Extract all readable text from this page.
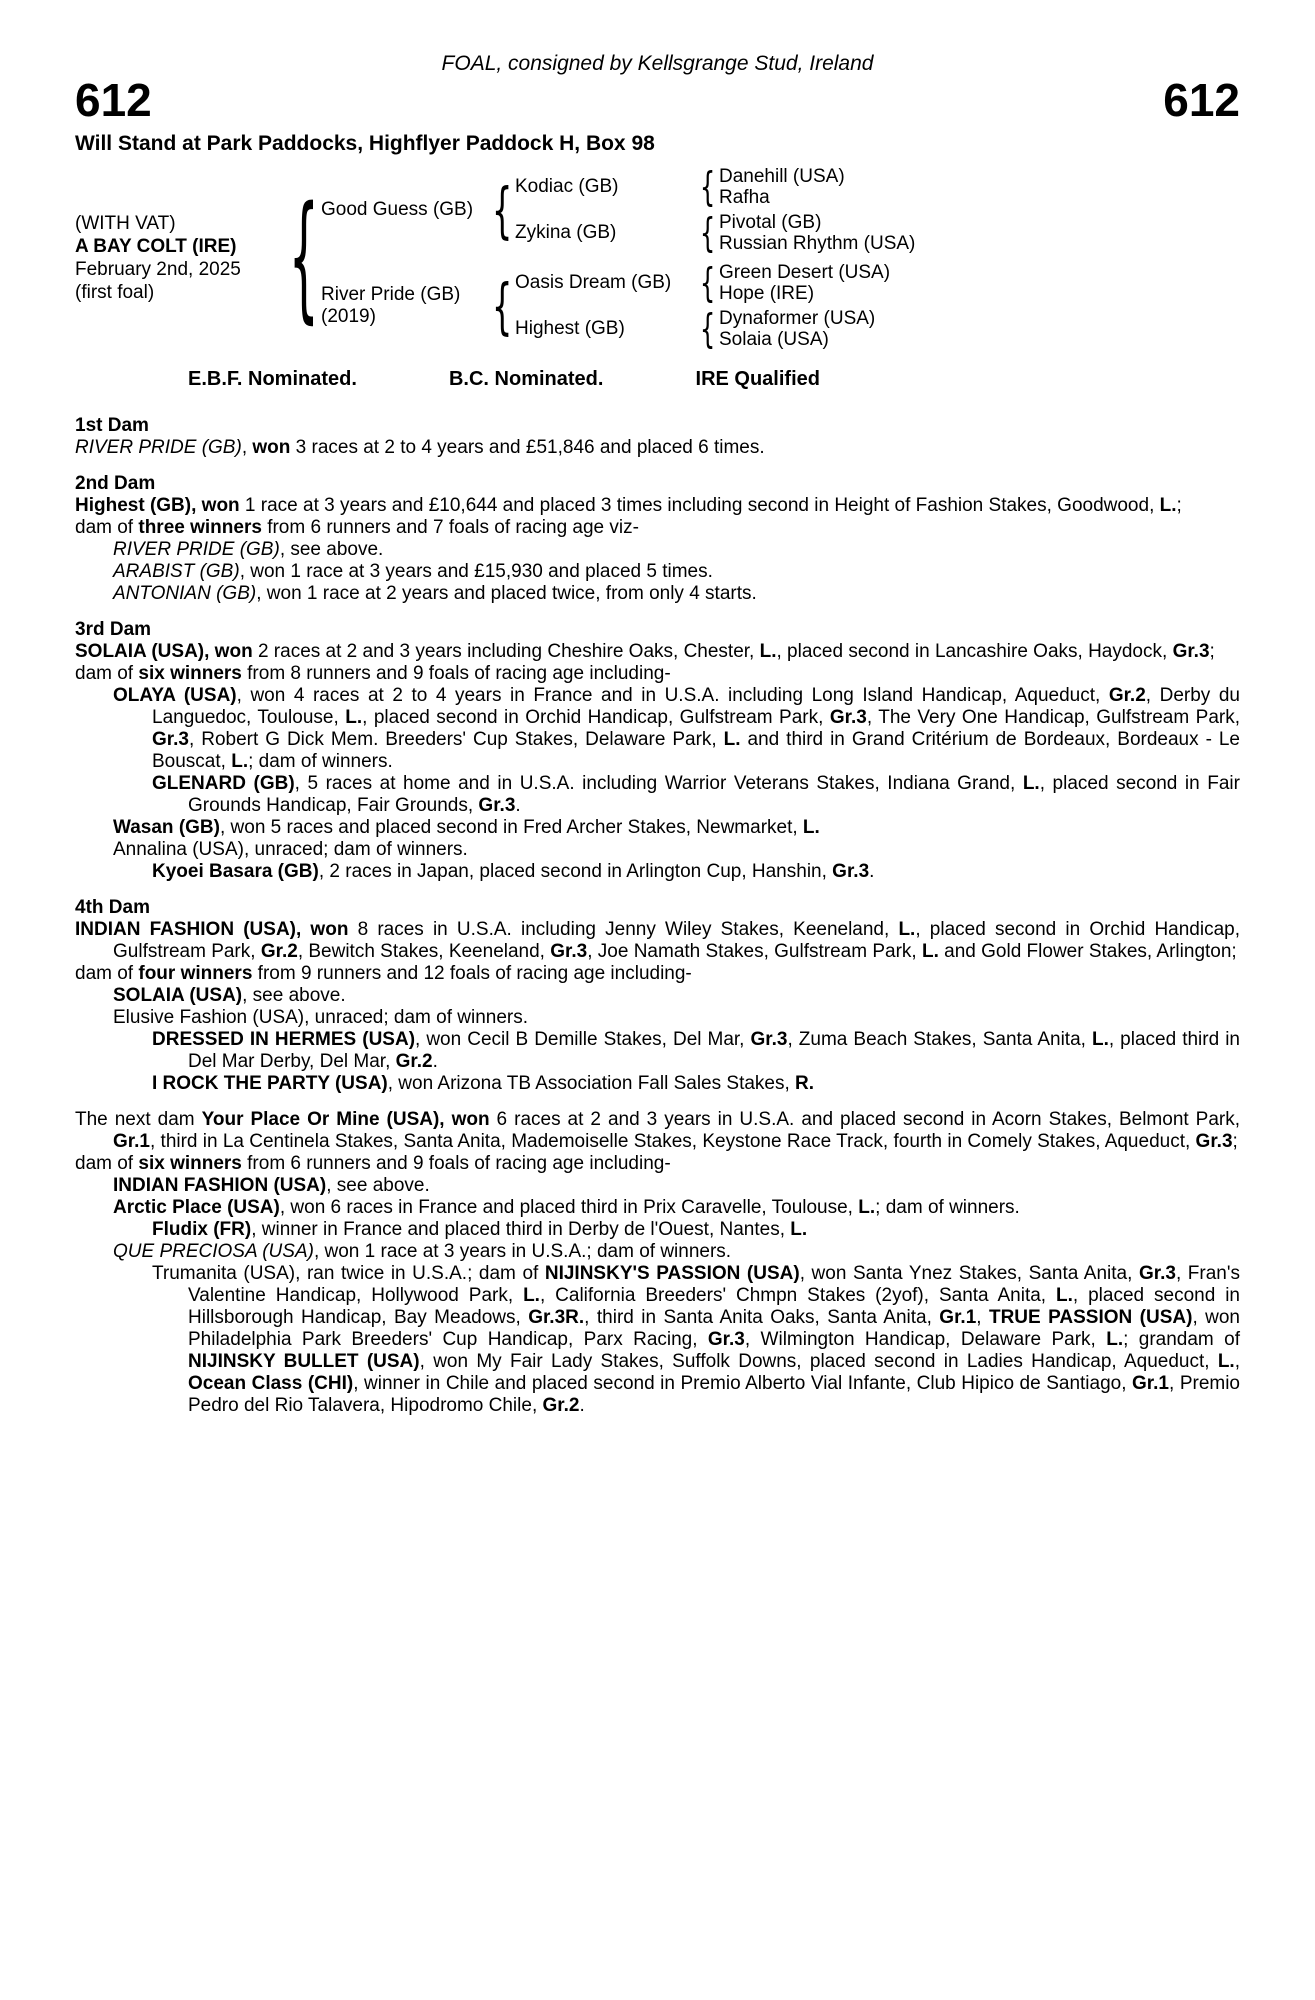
FOAL, consigned by Kellsgrange Stud, Ireland
612	612
Will Stand at Park Paddocks, Highflyer Paddock H, Box 98
(WITH VAT)
A BAY COLT (IRE)
February 2nd, 2025
(first foal)
{
Good Guess (GB)
{
Kodiac (GB) {	Danehill (USA)
Rafha
Zykina (GB) {	Pivotal (GB)
Russian Rhythm (USA)
River Pride (GB)
(2019)
{
Oasis Dream (GB) {	Green Desert (USA)
Hope (IRE)
Highest (GB) {	Dynaformer (USA)
Solaia (USA)
E.B.F. Nominated.	B.C. Nominated.	IRE Qualified
1st Dam
RIVER PRIDE (GB), won 3 races at 2 to 4 years and £51,846 and placed 6 times.
2nd Dam
Highest (GB), won 1 race at 3 years and £10,644 and placed 3 times including second in Height of Fashion Stakes, Goodwood, L.;
dam of three winners from 6 runners and 7 foals of racing age viz-
RIVER PRIDE (GB), see above.
ARABIST (GB), won 1 race at 3 years and £15,930 and placed 5 times.
ANTONIAN (GB), won 1 race at 2 years and placed twice, from only 4 starts.
3rd Dam
SOLAIA (USA), won 2 races at 2 and 3 years including Cheshire Oaks, Chester, L., placed second in Lancashire Oaks, Haydock, Gr.3;
dam of six winners from 8 runners and 9 foals of racing age including-
OLAYA (USA), won 4 races at 2 to 4 years in France and in U.S.A. including Long Island Handicap, Aqueduct, Gr.2, Derby du Languedoc, Toulouse, L., placed second in Orchid Handicap, Gulfstream Park, Gr.3, The Very One Handicap, Gulfstream Park, Gr.3, Robert G Dick Mem. Breeders' Cup Stakes, Delaware Park, L. and third in Grand Critérium de Bordeaux, Bordeaux - Le Bouscat, L.; dam of winners.
GLENARD (GB), 5 races at home and in U.S.A. including Warrior Veterans Stakes, Indiana Grand, L., placed second in Fair Grounds Handicap, Fair Grounds, Gr.3.
Wasan (GB), won 5 races and placed second in Fred Archer Stakes, Newmarket, L.
Annalina (USA), unraced; dam of winners.
Kyoei Basara (GB), 2 races in Japan, placed second in Arlington Cup, Hanshin, Gr.3.
4th Dam
INDIAN FASHION (USA), won 8 races in U.S.A. including Jenny Wiley Stakes, Keeneland, L., placed second in Orchid Handicap, Gulfstream Park, Gr.2, Bewitch Stakes, Keeneland, Gr.3, Joe Namath Stakes, Gulfstream Park, L. and Gold Flower Stakes, Arlington;
dam of four winners from 9 runners and 12 foals of racing age including-
SOLAIA (USA), see above.
Elusive Fashion (USA), unraced; dam of winners.
DRESSED IN HERMES (USA), won Cecil B Demille Stakes, Del Mar, Gr.3, Zuma Beach Stakes, Santa Anita, L., placed third in Del Mar Derby, Del Mar, Gr.2.
I ROCK THE PARTY (USA), won Arizona TB Association Fall Sales Stakes, R.
The next dam Your Place Or Mine (USA), won 6 races at 2 and 3 years in U.S.A. and placed second in Acorn Stakes, Belmont Park, Gr.1, third in La Centinela Stakes, Santa Anita, Mademoiselle Stakes, Keystone Race Track, fourth in Comely Stakes, Aqueduct, Gr.3;
dam of six winners from 6 runners and 9 foals of racing age including-
INDIAN FASHION (USA), see above.
Arctic Place (USA), won 6 races in France and placed third in Prix Caravelle, Toulouse, L.; dam of winners.
Fludix (FR), winner in France and placed third in Derby de l'Ouest, Nantes, L.
QUE PRECIOSA (USA), won 1 race at 3 years in U.S.A.; dam of winners.
Trumanita (USA), ran twice in U.S.A.; dam of NIJINSKY'S PASSION (USA), won Santa Ynez Stakes, Santa Anita, Gr.3, Fran's Valentine Handicap, Hollywood Park, L., California Breeders' Chmpn Stakes (2yof), Santa Anita, L., placed second in Hillsborough Handicap, Bay Meadows, Gr.3R., third in Santa Anita Oaks, Santa Anita, Gr.1, TRUE PASSION (USA), won Philadelphia Park Breeders' Cup Handicap, Parx Racing, Gr.3, Wilmington Handicap, Delaware Park, L.; grandam of NIJINSKY BULLET (USA), won My Fair Lady Stakes, Suffolk Downs, placed second in Ladies Handicap, Aqueduct, L., Ocean Class (CHI), winner in Chile and placed second in Premio Alberto Vial Infante, Club Hipico de Santiago, Gr.1, Premio Pedro del Rio Talavera, Hipodromo Chile, Gr.2.
